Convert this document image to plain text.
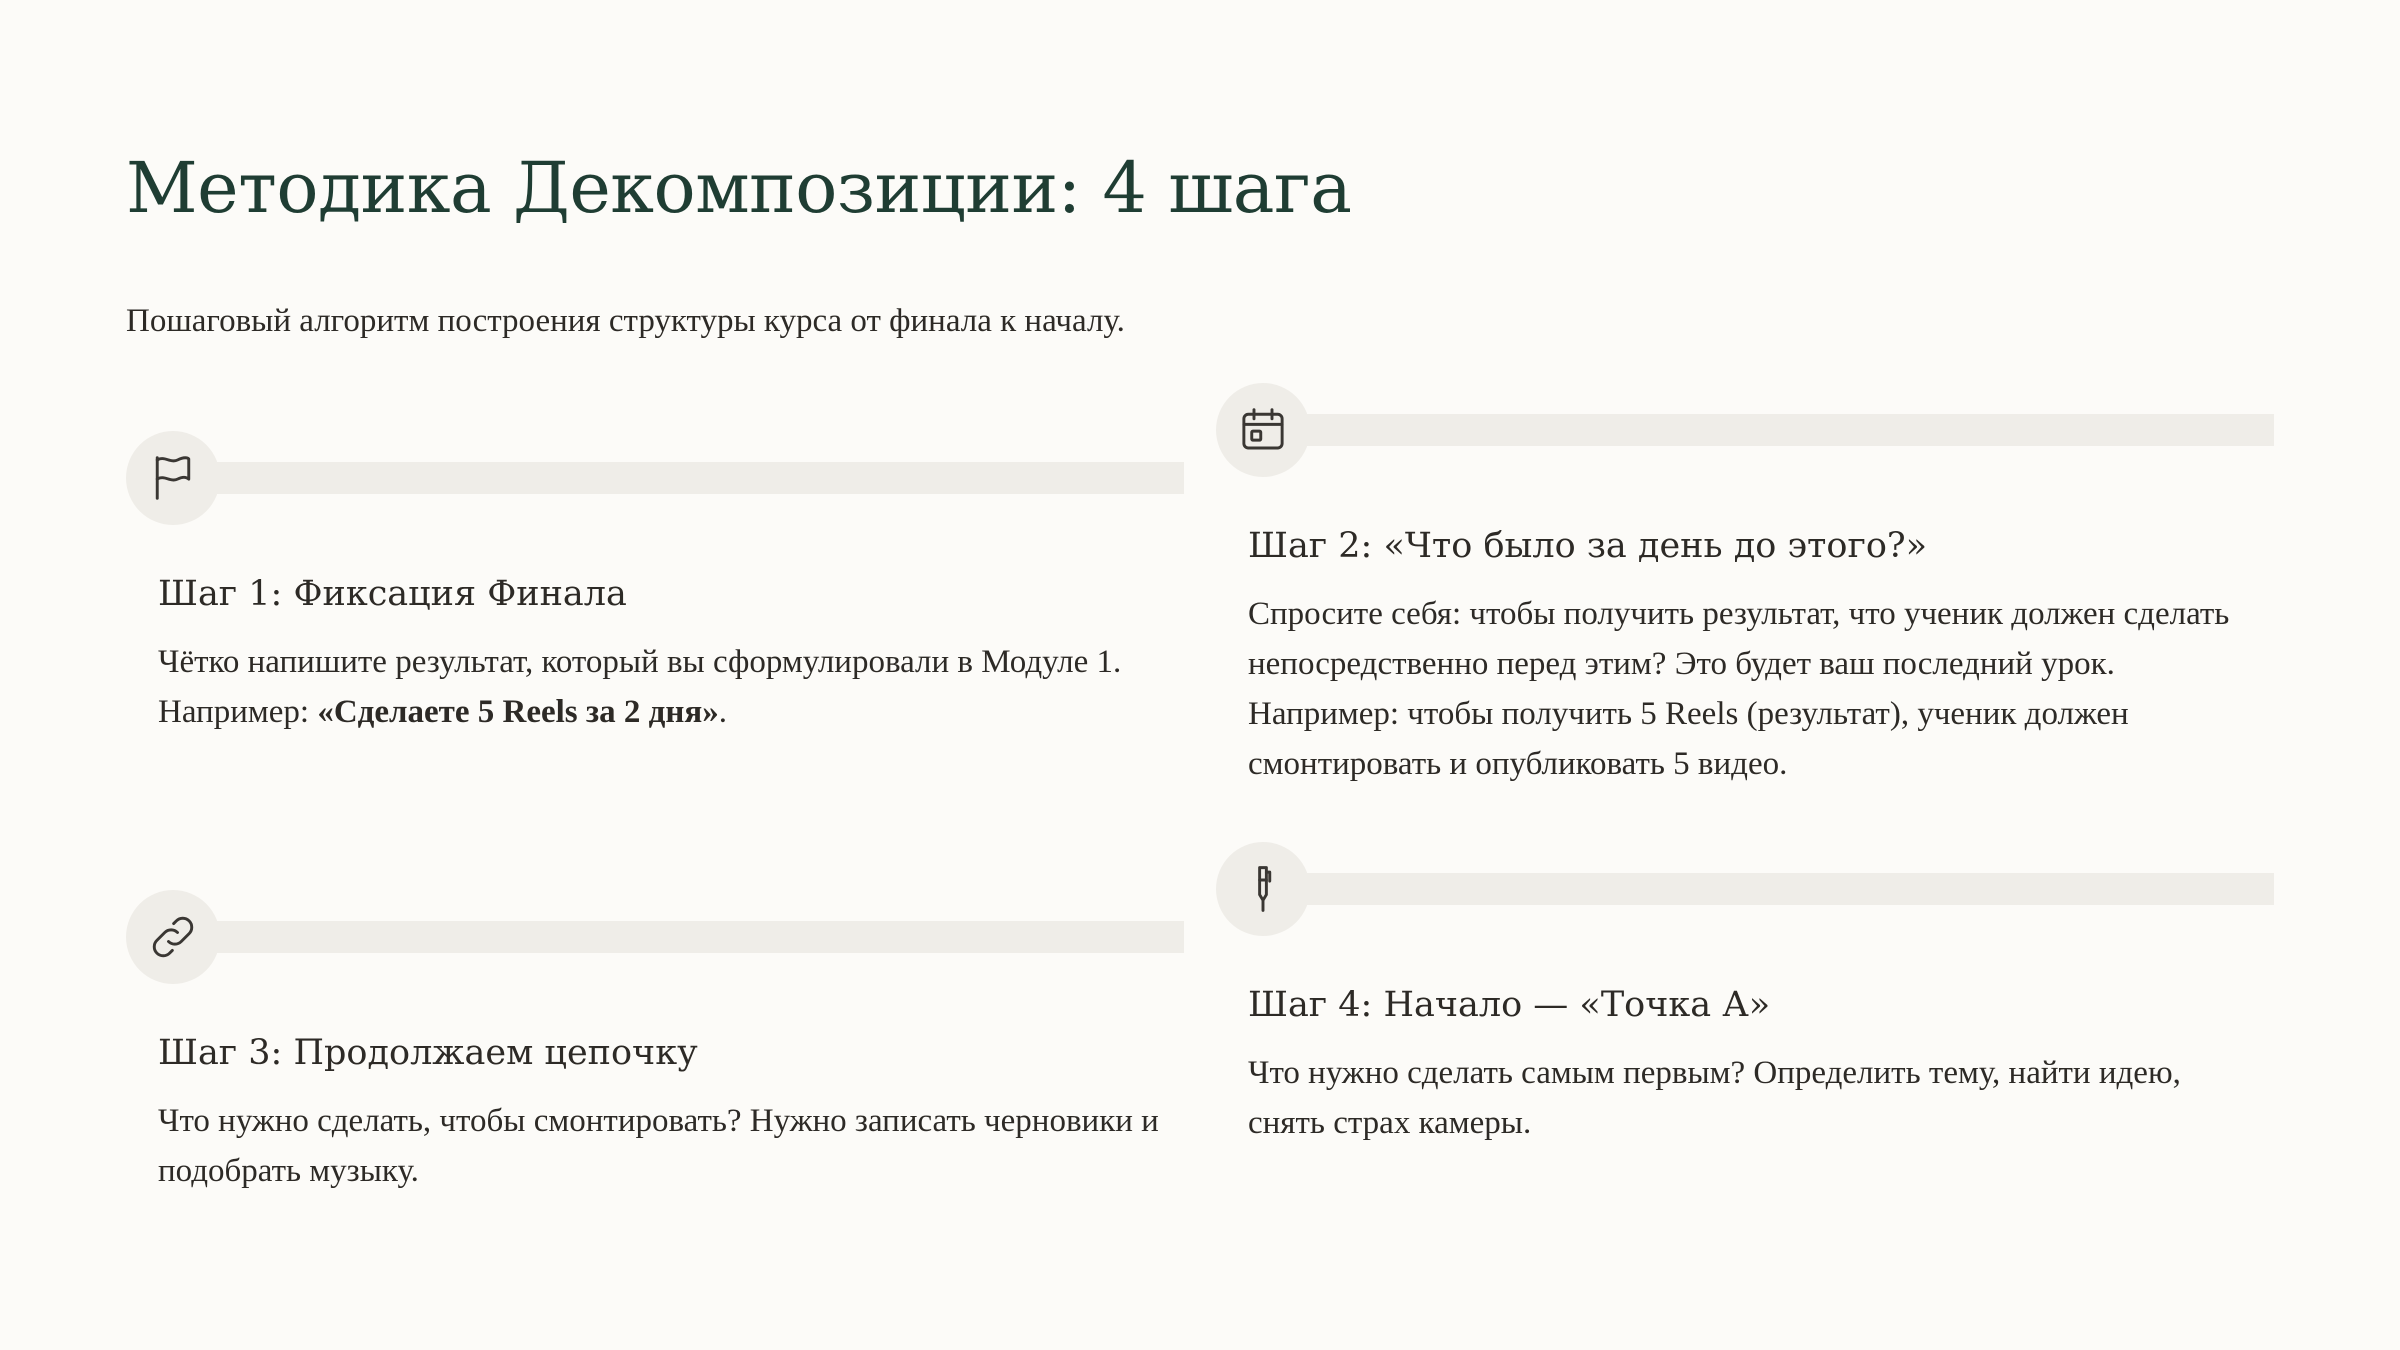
Методика Декомпозиции: 4 шага

Пошаговый алгоритм построения структуры курса от финала к началу.

Шаг 1: Фиксация Финала

Чётко напишите результат, который вы сформулировали в Модуле 1. Например: «Сделаете 5 Reels за 2 дня».

Шаг 2: «Что было за день до этого?»

Спросите себя: чтобы получить результат, что ученик должен сделать непосредственно перед этим? Это будет ваш последний урок. Например: чтобы получить 5 Reels (результат), ученик должен смонтировать и опубликовать 5 видео.

Шаг 3: Продолжаем цепочку

Что нужно сделать, чтобы смонтировать? Нужно записать черновики и подобрать музыку.

Шаг 4: Начало — «Точка А»

Что нужно сделать самым первым? Определить тему, найти идею, снять страх камеры.
